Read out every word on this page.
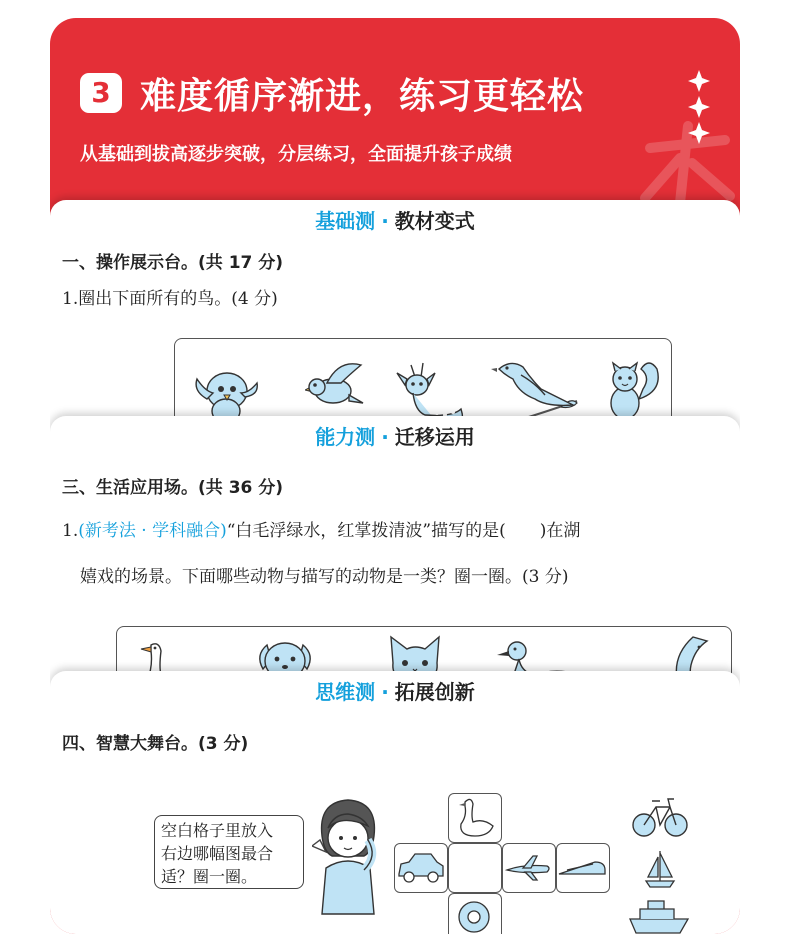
3 难度循序渐进，练习更轻松
从基础到拔高逐步突破，分层练习，全面提升孩子成绩
基础测 · 教材变式
一、操作展示台。(共 17 分)
1.圈出下面所有的鸟。(4 分)
能力测 · 迁移运用
三、生活应用场。(共 36 分)
1.(新考法 · 学科融合)“白毛浮绿水，红掌拨清波”描写的是(　　)在湖
嬉戏的场景。下面哪些动物与描写的动物是一类？圈一圈。(3 分)
思维测 · 拓展创新
四、智慧大舞台。(3 分)
空白格子里放入
右边哪幅图最合
适？圈一圈。
